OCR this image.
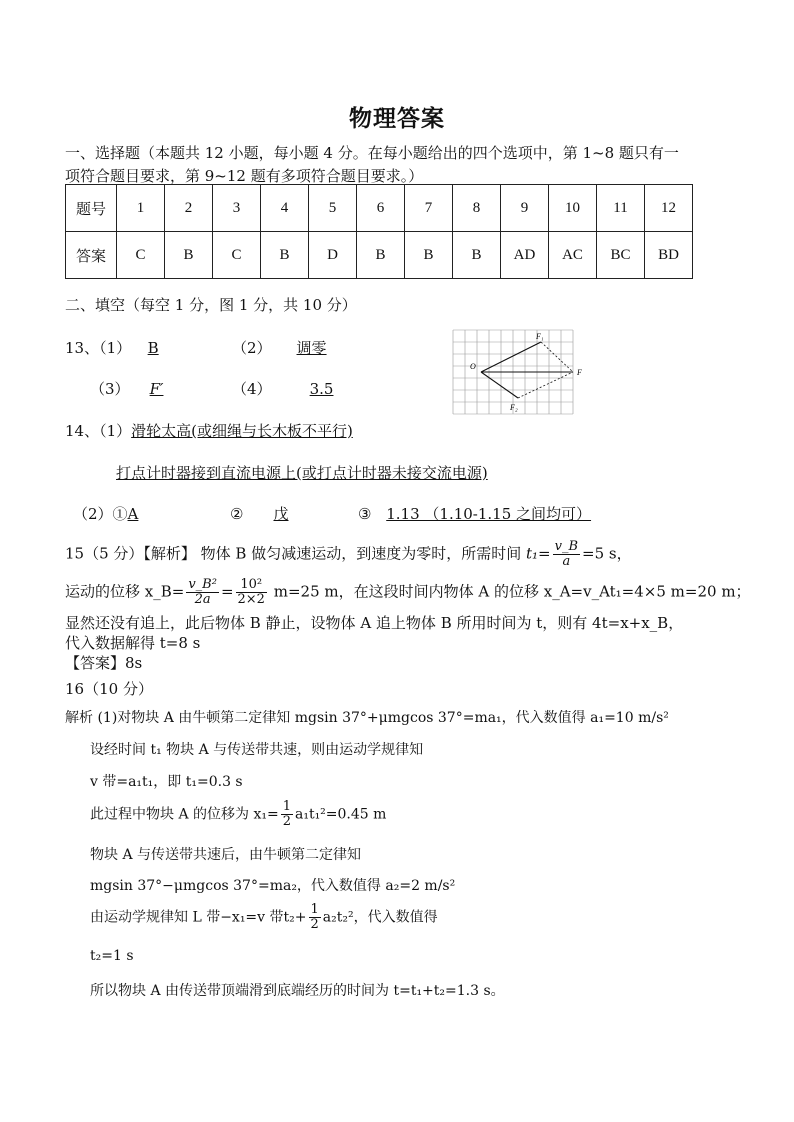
物理答案
一、选择题（本题共 12 小题，每小题 4 分。在每小题给出的四个选项中，第 1~8 题只有一
项符合题目要求，第 9~12 题有多项符合题目要求。）
题号	1	2	3	4	5	6	7	8	9	10	11	12
答案	C	B	C	B	D	B	B	B	AD	AC	BC	BD
二、填空（每空 1 分，图 1 分，共 10 分）
13、（1） B	（2） 调零
（3） F′	（4）	3.5
O
F₁
F₂
F
14、（1）滑轮太高(或细绳与长木板不平行)
打点计时器接到直流电源上(或打点计时器未接交流电源)
（2）①A	② 戊	③ 1.13 （1.10-1.15 之间均可）
15（5 分）【解析】 物体 B 做匀减速运动，到速度为零时，所需时间 $t_1= \frac{v\_B}{a} =5$ s，
运动的位移 x_B= $\frac{\text{v\_B²}}{2a} = \frac{\text{10²}}{2\times 2} m=25$ m，在这段时间内物体 A 的位移 x_A=v_At₁=4×5 m=20 m；
显然还没有追上，此后物体 B 静止，设物体 A 追上物体 B 所用时间为 t，则有 4t=x+x_B，
代入数据解得 t=8 s
【答案】8s
16（10 分）
解析 (1)对物块 A 由牛顿第二定律知 mgsin 37°+μmgcos 37°=ma₁，代入数值得 a₁=10 m/s²
设经时间 t₁ 物块 A 与传送带共速，则由运动学规律知
v 带=a₁t₁，即 t₁=0.3 s
此过程中物块 A 的位移为 $x_1= \frac{1}{2} a_1t_1^2=0.45$ m
物块 A 与传送带共速后，由牛顿第二定律知
mgsin 37°−μmgcos 37°=ma₂，代入数值得 a₂=2 m/s²
由运动学规律知 L 带−x₁=v 带$t_2+ \frac{1}{2} a_2t_2^2$，代入数值得
t₂=1 s
所以物块 A 由传送带顶端滑到底端经历的时间为 t=t₁+t₂=1.3 s。
